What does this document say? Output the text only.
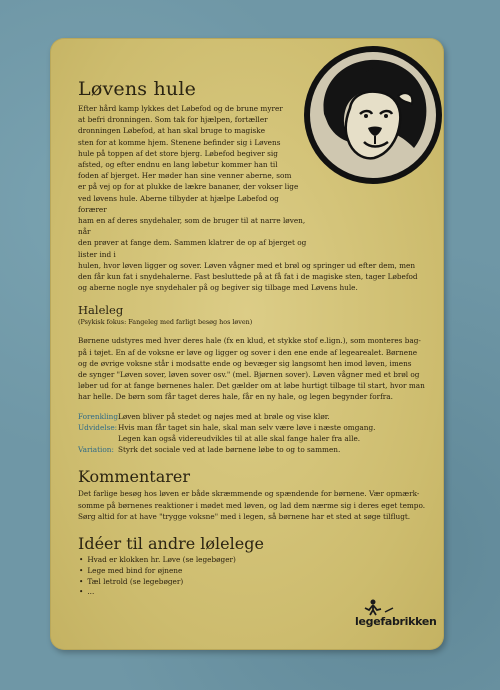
Løvens hule
Efter hård kamp lykkes det Løbefod og de brune myrer
at befri dronningen. Som tak for hjælpen, fortæller
dronningen Løbefod, at han skal bruge to magiske
sten for at komme hjem. Stenene befinder sig i Løvens
hule på toppen af det store bjerg. Løbefod begiver sig
afsted, og efter endnu en lang løbetur kommer han til
foden af bjerget. Her møder han sine venner aberne, som
er på vej op for at plukke de lækre bananer, der vokser lige
ved løvens hule. Aberne tilbyder at hjælpe Løbefod og forærer
ham en af deres snydehaler, som de bruger til at narre løven, når
den prøver at fange dem. Sammen klatrer de op af bjerget og lister ind i
hulen, hvor løven ligger og sover. Løven vågner med et brøl og springer ud efter dem, men
den får kun fat i snydehalerne. Fast besluttede på at få fat i de magiske sten, tager Løbefod
og aberne nogle nye snydehaler på og begiver sig tilbage med Løvens hule.
Haleleg

(Psykisk fokus: Fangeleg med farligt besøg hos løven)

Børnene udstyres med hver deres hale (fx en klud, et stykke stof e.lign.), som monteres bag-
på i tøjet. En af de voksne er løve og ligger og sover i den ene ende af legearealet. Børnene
og de øvrige voksne står i modsatte ende og bevæger sig langsomt hen imod løven, imens
de synger "Løven sover, løven sover osv." (mel. Bjørnen sover). Løven vågner med et brøl og
løber ud for at fange børnenes haler. Det gælder om at løbe hurtigt tilbage til start, hvor man
har helle. De børn som får taget deres hale, får en ny hale, og legen begynder forfra.
Forenkling:
Løven bliver på stedet og nøjes med at brøle og vise klør.
Udvidelse: Hvis man får taget sin hale, skal man selv være løve i næste omgang.
Legen kan også videreudvikles til at alle skal fange haler fra alle.
Variation: Styrk det sociale ved at lade børnene løbe to og to sammen.
Kommentarer
Det farlige besøg hos løven er både skræmmende og spændende for børnene. Vær opmærk-
somme på børnenes reaktioner i mødet med løven, og lad dem nærme sig i deres eget tempo.
Sørg altid for at have "trygge voksne" med i legen, så børnene har et sted at søge tilflugt.
Idéer til andre lølelege
• Hvad er klokken hr. Løve (se legebøger)
• Lege med bind for øjnene
• Tæl letrold (se legebøger)
• ...
legefabrikken
